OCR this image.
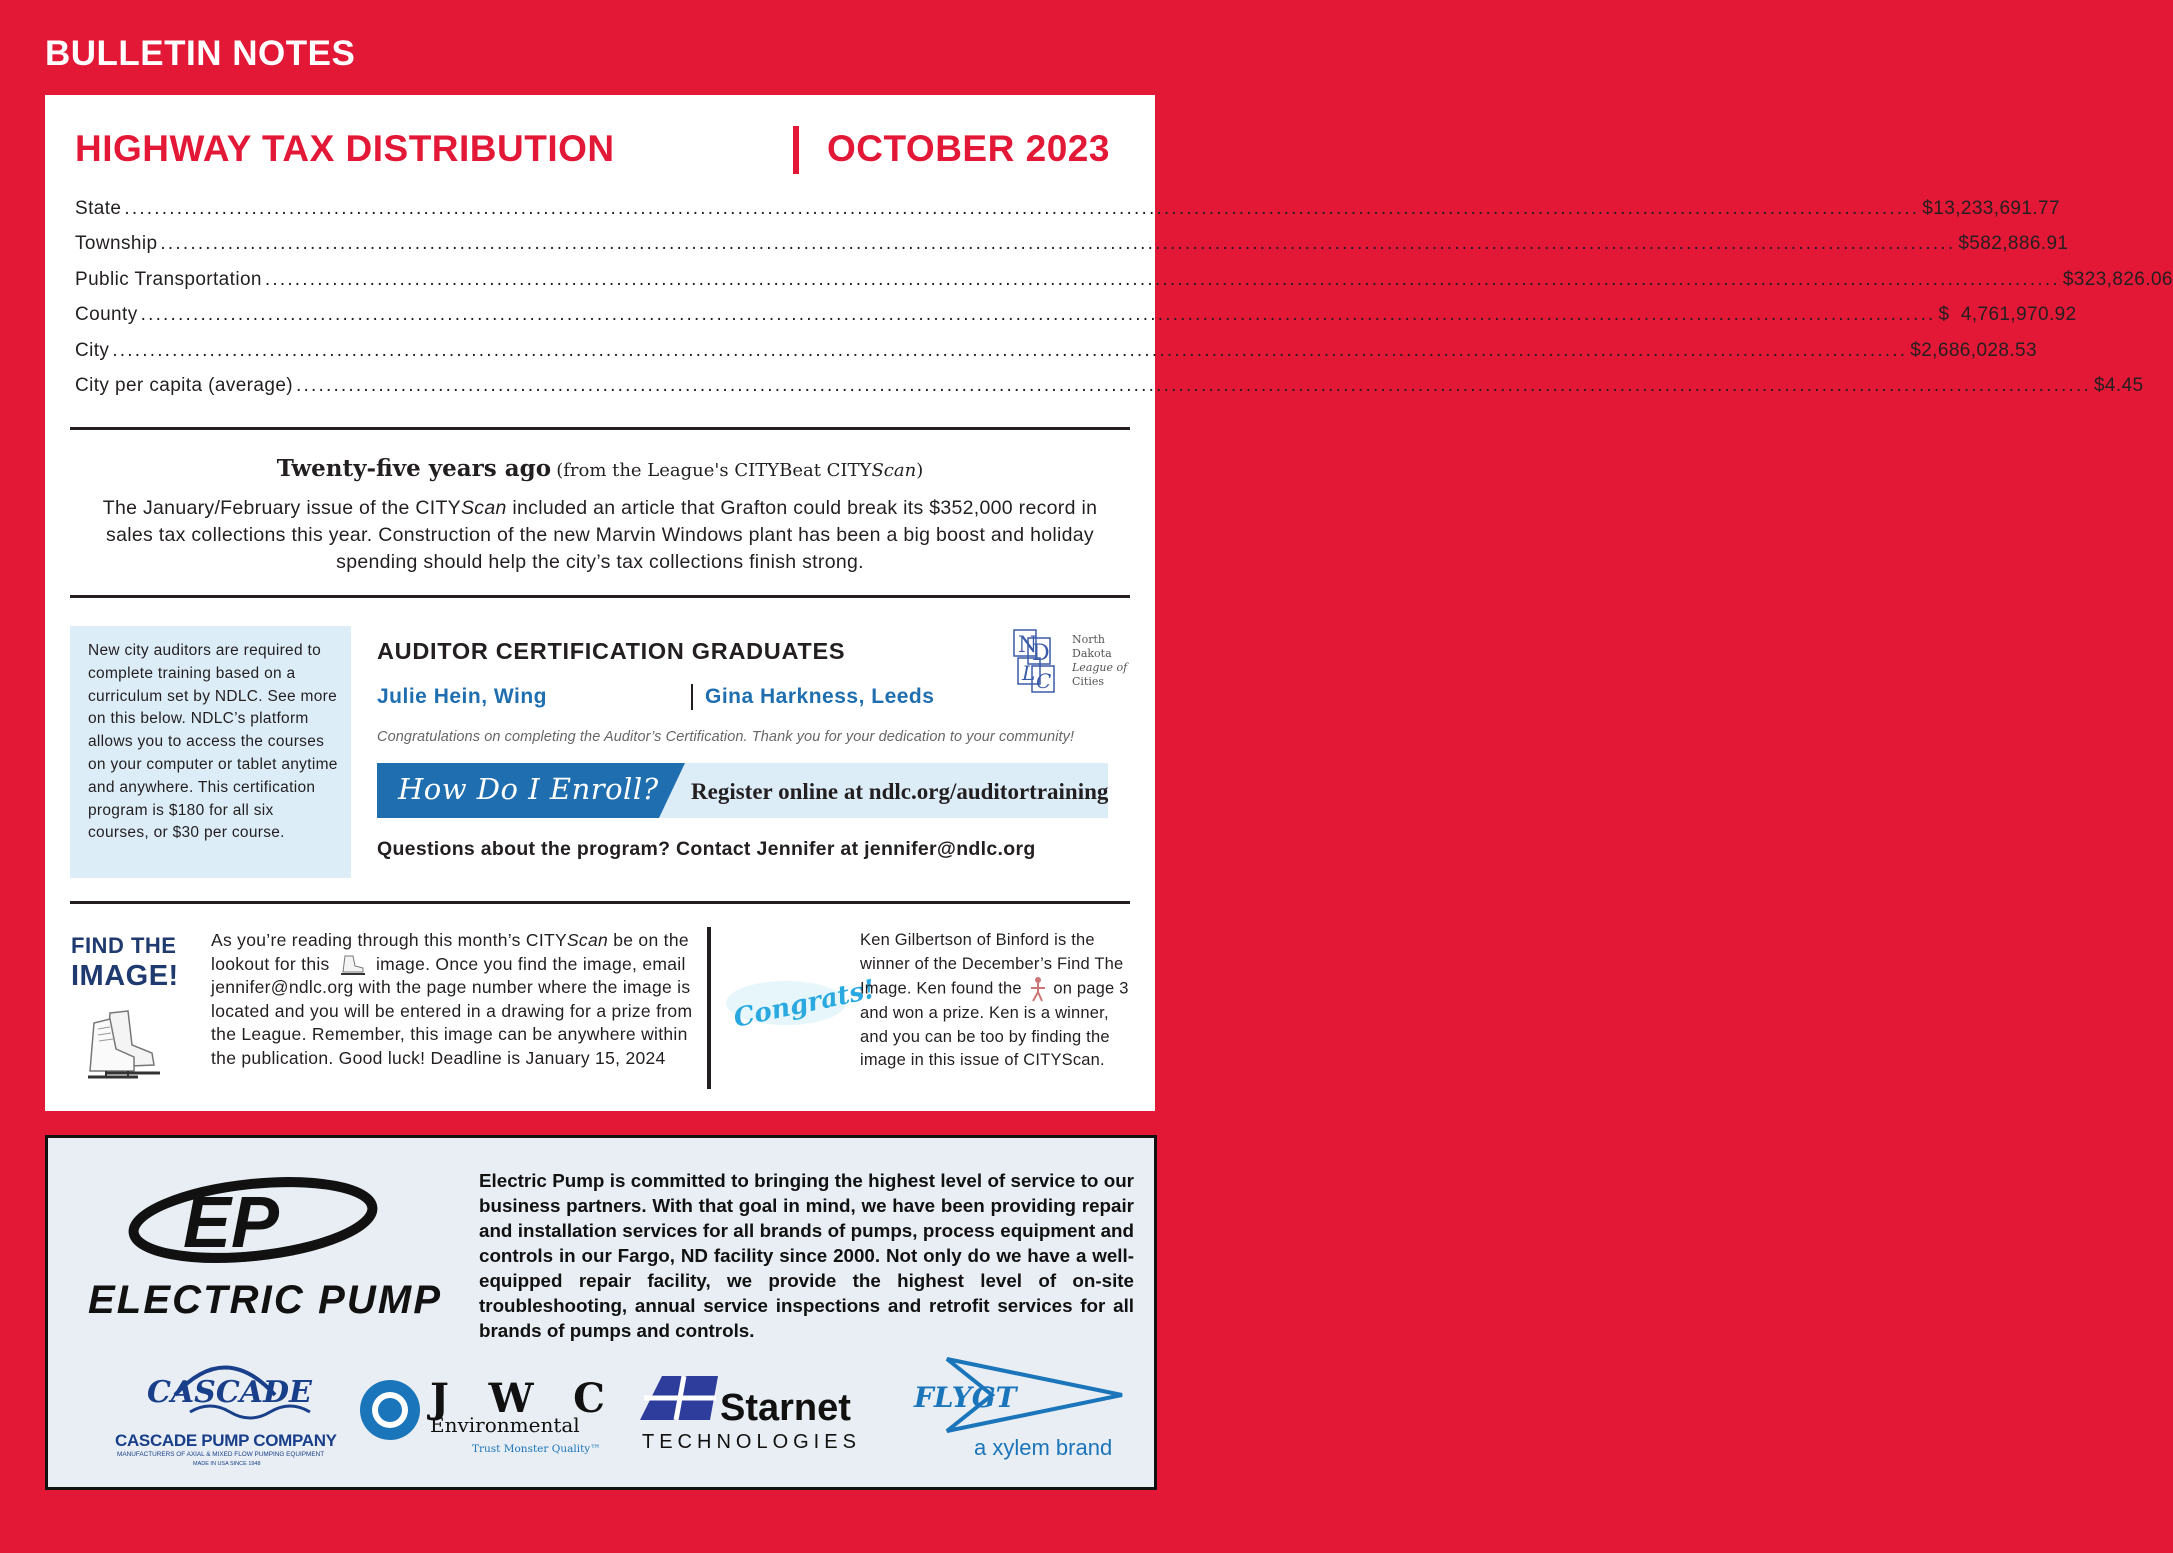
BULLETIN NOTES
HIGHWAY TAX DISTRIBUTION	OCTOBER 2023
State .....	$13,233,691.77
Township .....	$582,886.91
Public Transportation .....	$323,826.06
County .....	$  4,761,970.92
City .....	$2,686,028.53
City per capita (average) .....	$4.45
Twenty-five years ago (from the League's CITYBeat CITYScan)
The January/February issue of the CITYScan included an article that Grafton could break its $352,000 record in sales tax collections this year. Construction of the new Marvin Windows plant has been a big boost and holiday spending should help the city’s tax collections finish strong.

New city auditors are required to complete training based on a curriculum set by NDLC. See more on this below. NDLC’s platform allows you to access the courses on your computer or tablet anytime and anywhere. This certification program is $180 for all six courses, or $30 per course.

AUDITOR CERTIFICATION GRADUATES
Julie Hein, Wing	Gina Harkness, Leeds
N
D
L C
North
Dakota
League of
Cities
Congratulations on completing the Auditor’s Certification. Thank you for your dedication to your community!
How Do I Enroll? Register online at ndlc.org/auditortraining
Questions about the program? Contact Jennifer at jennifer@ndlc.org
FIND THE
IMAGE!
As you’re reading through this month’s CITYScan be on the lookout for this  image. Once you find the image, email jennifer@ndlc.org with the page number where the image is located and you will be entered in a drawing for a prize from the League. Remember, this image can be anywhere within the publication. Good luck! Deadline is January 15, 2024
Congrats!
Ken Gilbertson of Binford is the winner of the December’s Find The Image. Ken found the  on page 3 and won a prize. Ken is a winner, and you can be too by finding the image in this issue of CITYScan.
EP
ELECTRIC PUMP
Electric Pump is committed to bringing the highest level of service to our business partners. With that goal in mind, we have been providing repair and installation services for all brands of pumps, process equipment and controls in our Fargo, ND facility since 2000. Not only do we have a well-equipped repair facility, we provide the highest level of on-site troubleshooting, annual service inspections and retrofit services for all brands of pumps and controls.
CASCADE
CASCADE PUMP COMPANY
MANUFACTURERS OF AXIAL & MIXED FLOW PUMPING EQUIPMENT
MADE IN USA SINCE 1948
JWC
Environmental
Trust Monster Quality™
Starnet
TECHNOLOGIES
FLYGT
a xylem brand
